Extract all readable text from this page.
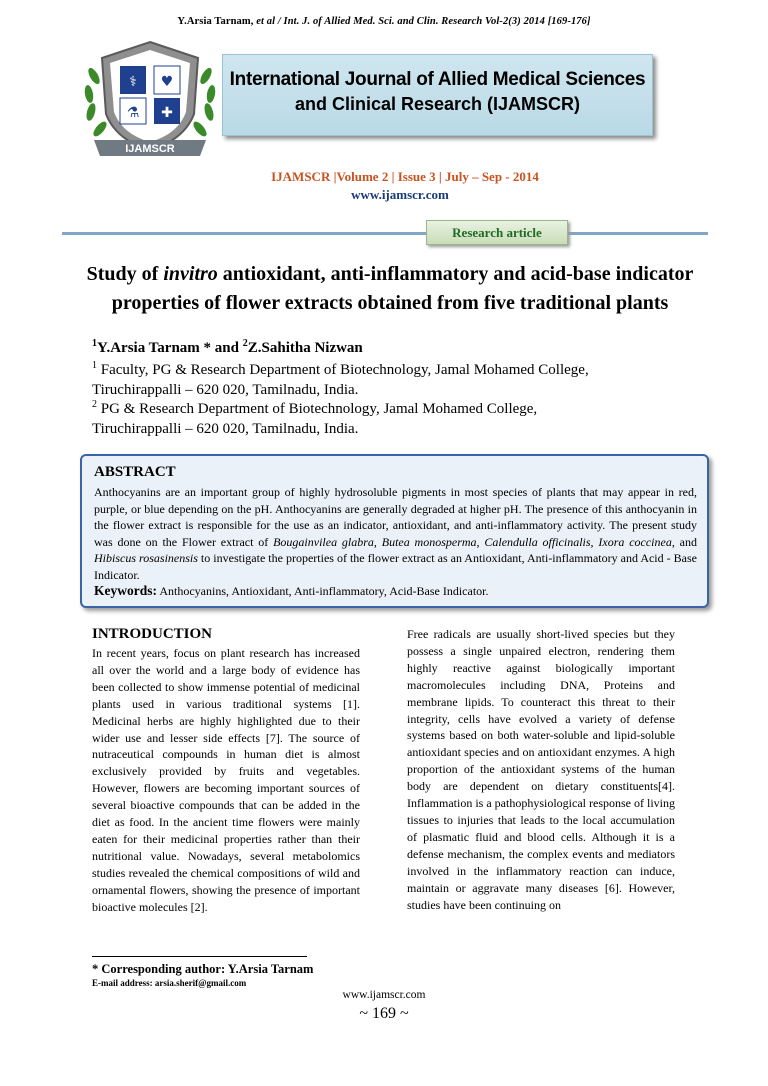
Y.Arsia Tarnam, et al / Int. J. of Allied Med. Sci. and Clin. Research Vol-2(3) 2014 [169-176]
⚕ ♥
⚗ ✚
IJAMSCR
International Journal of Allied Medical Sciences
and Clinical Research (IJAMSCR)
IJAMSCR |Volume 2 | Issue 3 | July – Sep - 2014
www.ijamscr.com
Research article
Study of invitro antioxidant, anti-inflammatory and acid-base indicator properties of flower extracts obtained from five traditional plants
$^1$Y.Arsia Tarnam * and $^2$Z.Sahitha Nizwan
$^1$ Faculty, PG & Research Department of Biotechnology, Jamal Mohamed College,
Tiruchirappalli – 620 020, Tamilnadu, India.
$^2$ PG & Research Department of Biotechnology, Jamal Mohamed College,
Tiruchirappalli – 620 020, Tamilnadu, India.
ABSTRACT
Anthocyanins are an important group of highly hydrosoluble pigments in most species of plants that may appear in red, purple, or blue depending on the pH. Anthocyanins are generally degraded at higher pH. The presence of this anthocyanin in the flower extract is responsible for the use as an indicator, antioxidant, and anti-inflammatory activity. The present study was done on the Flower extract of Bougainvilea glabra, Butea monosperma, Calendulla officinalis, Ixora coccinea, and Hibiscus rosasinensis to investigate the properties of the flower extract as an Antioxidant, Anti-inflammatory and Acid - Base Indicator.
Keywords: Anthocyanins, Antioxidant, Anti-inflammatory, Acid-Base Indicator.
INTRODUCTION
In recent years, focus on plant research has increased all over the world and a large body of evidence has been collected to show immense potential of medicinal plants used in various traditional systems [1]. Medicinal herbs are highly highlighted due to their wider use and lesser side effects [7]. The source of nutraceutical compounds in human diet is almost exclusively provided by fruits and vegetables. However, flowers are becoming important sources of several bioactive compounds that can be added in the diet as food. In the ancient time flowers were mainly eaten for their medicinal properties rather than their nutritional value. Nowadays, several metabolomics studies revealed the chemical compositions of wild and ornamental flowers, showing the presence of important bioactive molecules [2].
Free radicals are usually short-lived species but they possess a single unpaired electron, rendering them highly reactive against biologically important macromolecules including DNA, Proteins and membrane lipids. To counteract this threat to their integrity, cells have evolved a variety of defense systems based on both water-soluble and lipid-soluble antioxidant species and on antioxidant enzymes. A high proportion of the antioxidant systems of the human body are dependent on dietary constituents[4]. Inflammation is a pathophysiological response of living tissues to injuries that leads to the local accumulation of plasmatic fluid and blood cells. Although it is a defense mechanism, the complex events and mediators involved in the inflammatory reaction can induce, maintain or aggravate many diseases [6]. However, studies have been continuing on
* Corresponding author: Y.Arsia Tarnam
E-mail address: arsia.sherif@gmail.com
www.ijamscr.com
~ 169 ~
